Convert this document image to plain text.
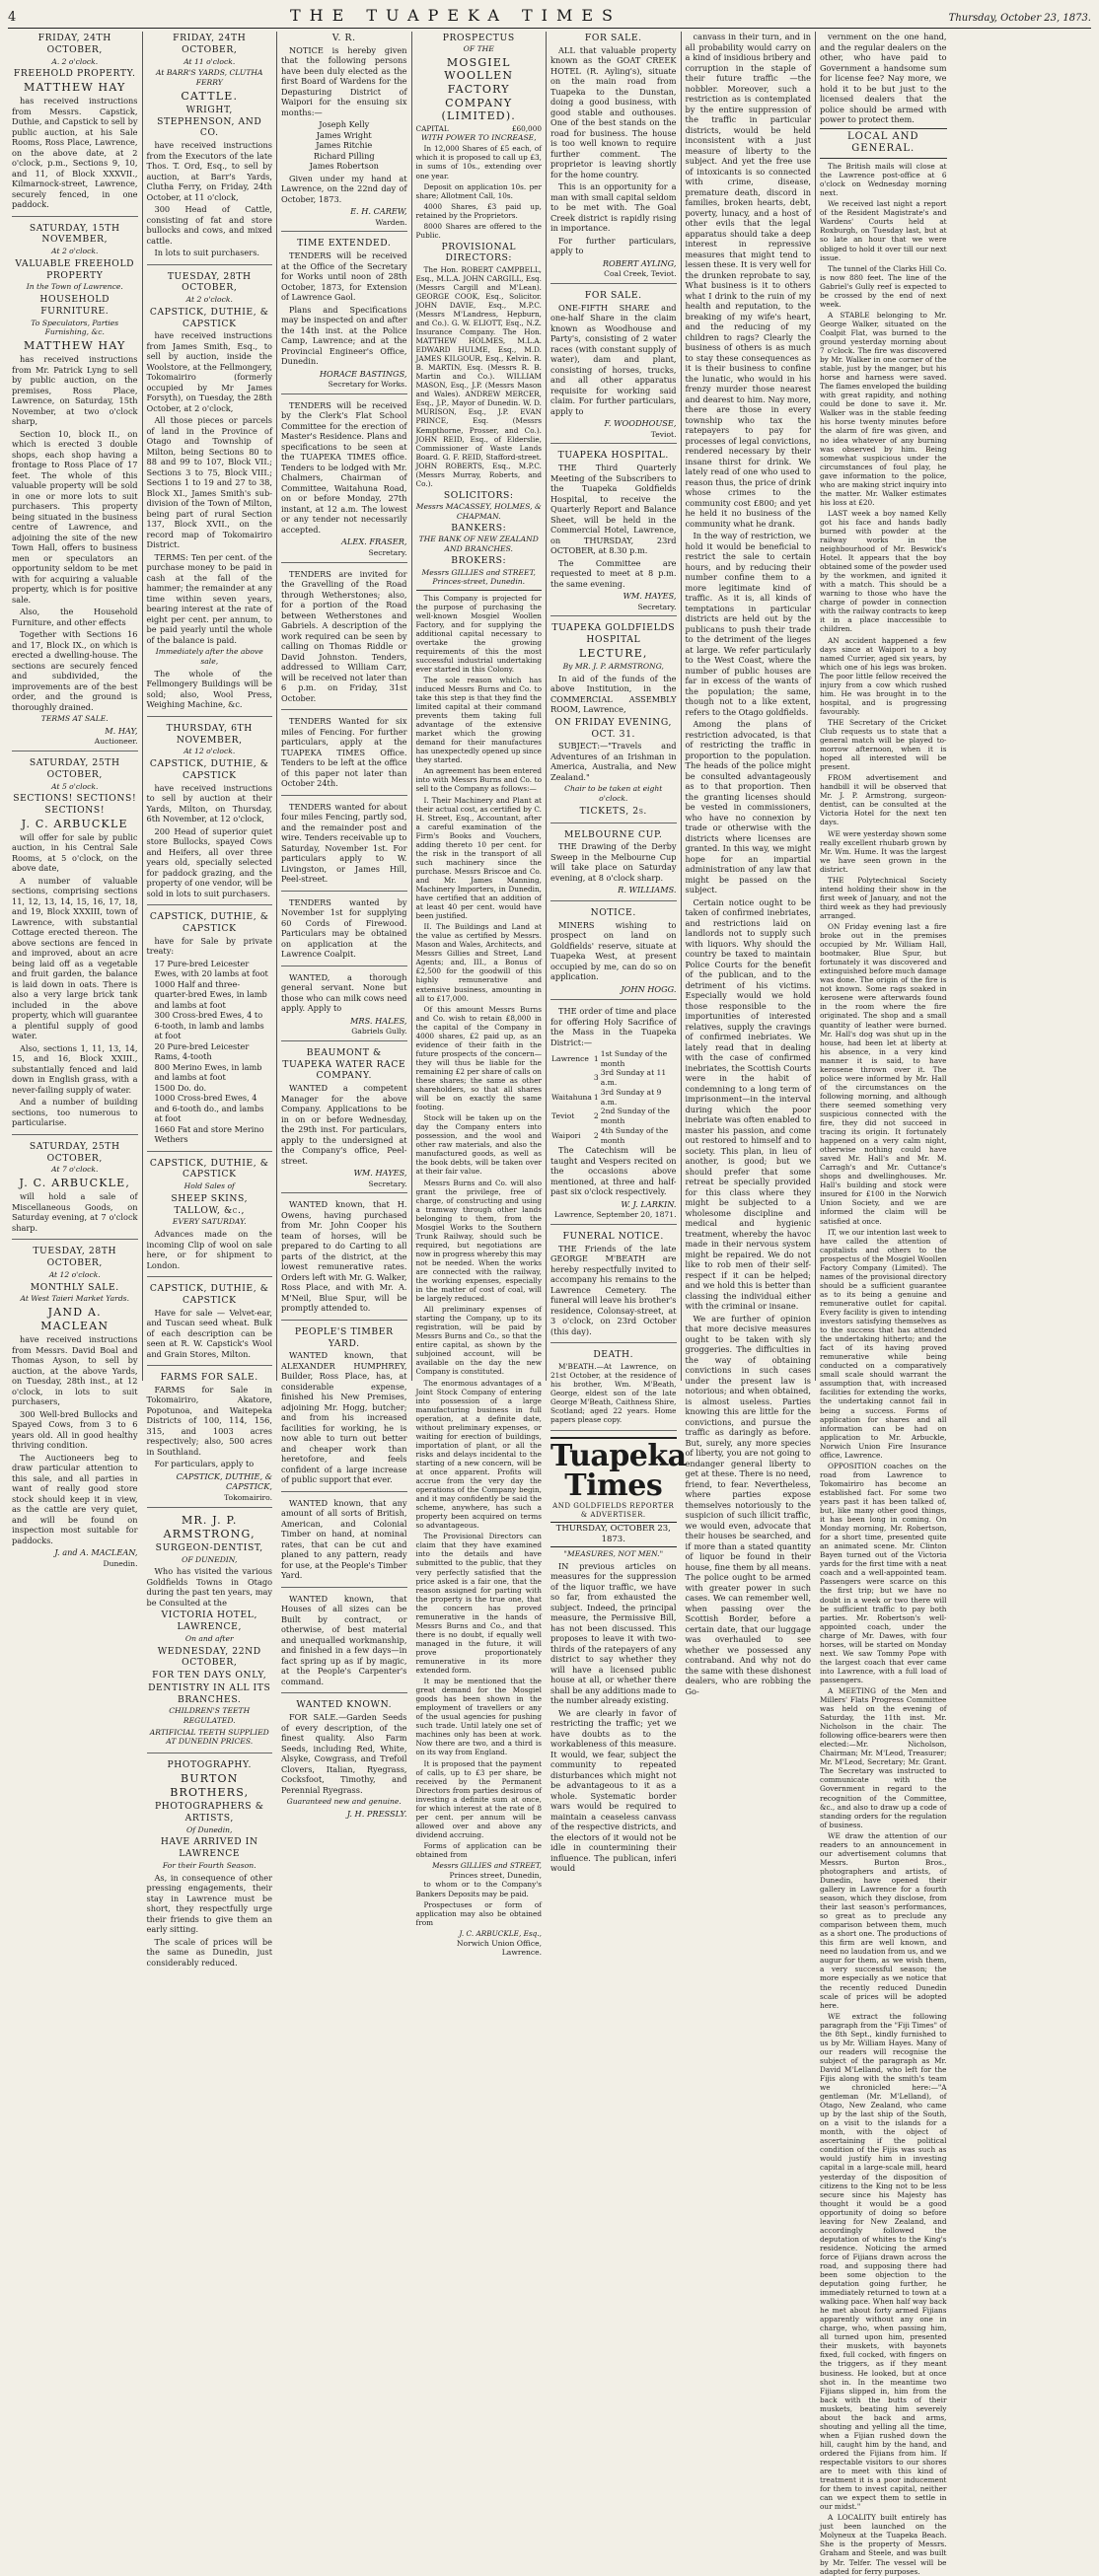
4	THE TUAPEKA TIMES	Thursday, October 23, 1873.
FRIDAY, 24TH OCTOBER,
A. 2 o'clock.
FREEHOLD PROPERTY.
MATTHEW HAY

has received instructions from Messrs. Capstick, Duthie, and Capstick to sell by public auction, at his Sale Rooms, Ross Place, Lawrence, on the above date, at 2 o'clock, p.m., Sections 9, 10, and 11, of Block XXXVII., Kilmarnock-street, Lawrence, securely fenced, in one paddock.

SATURDAY, 15TH NOVEMBER,
At 2 o'clock.
VALUABLE FREEHOLD PROPERTY
In the Town of Lawrence.
HOUSEHOLD FURNITURE.
To Speculators, Parties Furnishing, &c.
MATTHEW HAY

has received instructions from Mr. Patrick Lyng to sell by public auction, on the premises, Ross Place, Lawrence, on Saturday, 15th November, at two o'clock sharp,

Section 10, block II., on which is erected 3 double shops, each shop having a frontage to Ross Place of 17 feet. The whole of this valuable property will be sold in one or more lots to suit purchasers. This property being situated in the business centre of Lawrence, and adjoining the site of the new Town Hall, offers to business men or speculators an opportunity seldom to be met with for acquiring a valuable property, which is for positive sale.

Also, the Household Furniture, and other effects

Together with Sections 16 and 17, Block IX., on which is erected a dwelling-house. The sections are securely fenced and subdivided, the improvements are of the best order, and the ground is thoroughly drained.

TERMS AT SALE.
M. HAY,
Auctioneer.
SATURDAY, 25TH OCTOBER,
At 5 o'clock.
SECTIONS! SECTIONS! SECTIONS!
J. C. ARBUCKLE

will offer for sale by public auction, in his Central Sale Rooms, at 5 o'clock, on the above date,

A number of valuable sections, comprising sections 11, 12, 13, 14, 15, 16, 17, 18, and 19, Block XXXIII, town of Lawrence, with substantial Cottage erected thereon. The above sections are fenced in and improved, about an acre being laid off as a vegetable and fruit garden, the balance is laid down in oats. There is also a very large brick tank included in the above property, which will guarantee a plentiful supply of good water.

Also, sections 1, 11, 13, 14, 15, and 16, Block XXIII., substantially fenced and laid down in English grass, with a never-failing supply of water.

And a number of building sections, too numerous to particularise.

SATURDAY, 25TH OCTOBER,
At 7 o'clock.
J. C. ARBUCKLE,

will hold a sale of Miscellaneous Goods, on Saturday evening, at 7 o'clock sharp.

TUESDAY, 28TH OCTOBER,
At 12 o'clock.
MONTHLY SALE.
At West Taieri Market Yards.
JAND A. MACLEAN

have received instructions from Messrs. David Boal and Thomas Ayson, to sell by auction, at the above Yards, on Tuesday, 28th inst., at 12 o'clock, in lots to suit purchasers,

300 Well-bred Bullocks and Spayed Cows, from 3 to 6 years old. All in good healthy thriving condition.

The Auctioneers beg to draw particular attention to this sale, and all parties in want of really good store stock should keep it in view, as the cattle are very quiet, and will be found on inspection most suitable for paddocks.

J. and A. MACLEAN,
Dunedin.
FRIDAY, 24TH OCTOBER,
At 11 o'clock.
At BARR'S YARDS, CLUTHA FERRY
CATTLE.
WRIGHT, STEPHENSON, AND CO.

have received instructions from the Executors of the late Thos. T. Ord, Esq., to sell by auction, at Barr's Yards, Clutha Ferry, on Friday, 24th October, at 11 o'clock,

300 Head of Cattle, consisting of fat and store bullocks and cows, and mixed cattle.

In lots to suit purchasers.

TUESDAY, 28TH OCTOBER,
At 2 o'clock.
CAPSTICK, DUTHIE, & CAPSTICK

have received instructions from James Smith, Esq., to sell by auction, inside the Woolstore, at the Fellmongery, Tokomairiro (formerly occupied by Mr James Forsyth), on Tuesday, the 28th October, at 2 o'clock,

All those pieces or parcels of land in the Province of Otago and Township of Milton, being Sections 80 to 88 and 99 to 107, Block VII.; Sections 3 to 75, Block VIII.; Sections 1 to 19 and 27 to 38, Block XI., James Smith's sub-division of the Town of Milton, being part of rural Section 137, Block XVII., on the record map of Tokomairiro District.

TERMS: Ten per cent. of the purchase money to be paid in cash at the fall of the hammer; the remainder at any time within seven years, bearing interest at the rate of eight per cent. per annum, to be paid yearly until the whole of the balance is paid.

Immediately after the above sale,

The whole of the Fellmongery Buildings will be sold; also, Wool Press, Weighing Machine, &c.

THURSDAY, 6TH NOVEMBER,
At 12 o'clock.
CAPSTICK, DUTHIE, & CAPSTICK

have received instructions to sell by auction at their Yards, Milton, on Thursday, 6th November, at 12 o'clock,

200 Head of superior quiet store Bullocks, spayed Cows and Heifers, all over three years old, specially selected for paddock grazing, and the property of one vendor, will be sold in lots to suit purchasers.

CAPSTICK, DUTHIE, & CAPSTICK

have for Sale by private treaty:

17 Pure-bred Leicester Ewes, with 20 lambs at foot
1000 Half and three-quarter-bred Ewes, in lamb and lambs at foot
300 Cross-bred Ewes, 4 to 6-tooth, in lamb and lambs at foot
20 Pure-bred Leicester Rams, 4-tooth
800 Merino Ewes, in lamb and lambs at foot
1500 Do. do.
1000 Cross-bred Ewes, 4 and 6-tooth do., and lambs at foot
1660 Fat and store Merino Wethers
CAPSTICK, DUTHIE, & CAPSTICK
Hold Sales of
SHEEP SKINS, TALLOW, &c.,
EVERY SATURDAY.

Advances made on the incoming Clip of wool on sale here, or for shipment to London.

CAPSTICK, DUTHIE, & CAPSTICK

Have for sale — Velvet-ear, and Tuscan seed wheat. Bulk of each description can be seen at R. W. Capstick's Wool and Grain Stores, Milton.

FARMS FOR SALE.

FARMS for Sale in Tokomairiro, Akatore, Popotunoa, and Waitepeka Districts of 100, 114, 156, 315, and 1003 acres respectively; also, 500 acres in Southland.

For particulars, apply to

CAPSTICK, DUTHIE, & CAPSTICK,
Tokomairiro.
MR. J. P. ARMSTRONG,
SURGEON-DENTIST,
OF DUNEDIN,

Who has visited the various Goldfields Towns in Otago during the past ten years, may be Consulted at the

VICTORIA HOTEL, LAWRENCE,
On and after
WEDNESDAY, 22ND OCTOBER,
FOR TEN DAYS ONLY,
DENTISTRY IN ALL ITS BRANCHES.
CHILDREN'S TEETH REGULATED.
ARTIFICIAL TEETH SUPPLIED AT DUNEDIN PRICES.
PHOTOGRAPHY.
BURTON BROTHERS,
PHOTOGRAPHERS & ARTISTS,
Of Dunedin,
HAVE ARRIVED IN LAWRENCE
For their Fourth Season.

As, in consequence of other pressing engagements, their stay in Lawrence must be short, they respectfully urge their friends to give them an early sitting.

The scale of prices will be the same as Dunedin, just considerably reduced.

V. R.

NOTICE is hereby given that the following persons have been duly elected as the first Board of Wardens for the Depasturing District of Waipori for the ensuing six months:—

Joseph Kelly
James Wright
James Ritchie
Richard Pilling
James Robertson

Given under my hand at Lawrence, on the 22nd day of October, 1873.

E. H. CAREW,
Warden.
TIME EXTENDED.

TENDERS will be received at the Office of the Secretary for Works until noon of 28th October, 1873, for Extension of Lawrence Gaol.

Plans and Specifications may be inspected on and after the 14th inst. at the Police Camp, Lawrence; and at the Provincial Engineer's Office, Dunedin.

HORACE BASTINGS,
Secretary for Works.

TENDERS will be received by the Clerk's Flat School Committee for the erection of Master's Residence. Plans and specifications to be seen at the TUAPEKA TIMES office. Tenders to be lodged with Mr. Chalmers, Chairman of Committee, Waitahuna Road, on or before Monday, 27th instant, at 12 a.m. The lowest or any tender not necessarily accepted.

ALEX. FRASER,
Secretary.

TENDERS are invited for the Gravelling of the Road through Wetherstones; also, for a portion of the Road between Wetherstones and Gabriels. A description of the work required can be seen by calling on Thomas Riddle or David Johnston. Tenders, addressed to William Carr, will be received not later than 6 p.m. on Friday, 31st October.

TENDERS Wanted for six miles of Fencing. For further particulars, apply at the TUAPEKA TIMES Office. Tenders to be left at the office of this paper not later than October 24th.

TENDERS wanted for about four miles Fencing, partly sod, and the remainder post and wire. Tenders receivable up to Saturday, November 1st. For particulars apply to W. Livingston, or James Hill, Peel-street.

TENDERS wanted by November 1st for supplying 60 Cords of Firewood. Particulars may be obtained on application at the Lawrence Coalpit.

WANTED, a thorough general servant. None but those who can milk cows need apply. Apply to

MRS. HALES,
Gabriels Gully.
BEAUMONT & TUAPEKA WATER RACE COMPANY.

WANTED a competent Manager for the above Company. Applications to be in on or before Wednesday, the 29th inst. For particulars, apply to the undersigned at the Company's office, Peel-street.

WM. HAYES,
Secretary.

WANTED known, that H. Owens, having purchased from Mr. John Cooper his team of horses, will be prepared to do Carting to all parts of the district, at the lowest remunerative rates. Orders left with Mr. G. Walker, Ross Place, and with Mr. A. M'Neil, Blue Spur, will be promptly attended to.

PEOPLE'S TIMBER YARD.

WANTED known, that ALEXANDER HUMPHREY, Builder, Ross Place, has, at considerable expense, finished his New Premises, adjoining Mr. Hogg, butcher; and from his increased facilities for working, he is now able to turn out better and cheaper work than heretofore, and feels confident of a large increase of public support that ever.

WANTED known, that any amount of all sorts of British, American, and Colonial Timber on hand, at nominal rates, that can be cut and planed to any pattern, ready for use, at the People's Timber Yard.

WANTED known, that Houses of all sizes can be Built by contract, or otherwise, of best material and unequalled workmanship, and finished in a few days—in fact spring up as if by magic, at the People's Carpenter's command.

WANTED KNOWN.

FOR SALE.—Garden Seeds of every description, of the finest quality. Also Farm Seeds, including Red, White, Alsyke, Cowgrass, and Trefoil Clovers, Italian, Ryegrass, Cocksfoot, Timothy, and Perennial Ryegrass.

Guaranteed new and genuine.
J. H. PRESSLY.
PROSPECTUS
OF THE
MOSGIEL WOOLLEN FACTORY COMPANY (LIMITED).
CAPITAL	£60,000
WITH POWER TO INCREASE,

In 12,000 Shares of £5 each, of which it is proposed to call up £3, in sums of 10s., extending over one year.

Deposit on application 10s. per share; Allotment Call, 10s.

4000 Shares, £3 paid up, retained by the Proprietors.

8000 Shares are offered to the Public.

PROVISIONAL DIRECTORS:

The Hon. ROBERT CAMPBELL, Esq., M.L.A. JOHN CARGILL, Esq. (Messrs Cargill and M'Lean). GEORGE COOK, Esq., Solicitor. JOHN DAVIE, Esq., M.P.C. (Messrs M'Landress, Hepburn, and Co.). G. W. ELIOTT, Esq., N.Z. Insurance Company. The Hon. MATTHEW HOLMES, M.L.A. EDWARD HULME, Esq., M.D. JAMES KILGOUR, Esq., Kelvin. R. B. MARTIN, Esq. (Messrs R. B. Martin and Co.). WILLIAM MASON, Esq., J.P. (Messrs Mason and Wales). ANDREW MERCER, Esq., J.P., Mayor of Dunedin. W. D. MURISON, Esq., J.P. EVAN PRINCE, Esq. (Messrs Kempthorne, Prosser, and Co.). JOHN REID, Esq., of Elderslie, Commissioner of Waste Lands Board. G. F. REID, Stafford-street. JOHN ROBERTS, Esq., M.P.C. (Messrs Murray, Roberts, and Co.).

SOLICITORS:
Messrs MACASSEY, HOLMES, & CHAPMAN.
BANKERS:
THE BANK OF NEW ZEALAND AND BRANCHES.
BROKERS:
Messrs GILLIES and STREET, Princes-street, Dunedin.

This Company is projected for the purpose of purchasing the well-known Mosgiel Woollen Factory, and for supplying the additional capital necessary to overtake the growing requirements of this the most successful industrial undertaking ever started in this Colony.

The sole reason which has induced Messrs Burns and Co. to take this step is that they find the limited capital at their command prevents them taking full advantage of the extensive market which the growing demand for their manufactures has unexpectedly opened up since they started.

An agreement has been entered into with Messrs Burns and Co. to sell to the Company as follows:—

I. Their Machinery and Plant at their actual cost, as certified by C. H. Street, Esq., Accountant, after a careful examination of the Firm's Books and Vouchers, adding thereto 10 per cent. for the risk in the transport of all such machinery since the purchase. Messrs Briscoe and Co. and Mr. James Manning, Machinery Importers, in Dunedin, have certified that an addition of at least 40 per cent. would have been justified.

II. The Buildings and Land at the value as certified by Messrs. Mason and Wales, Architects, and Messrs Gillies and Street, Land Agents; and, III., a Bonus of £2,500 for the goodwill of this highly remunerative and extensive business, amounting in all to £17,000.

Of this amount Messrs Burns and Co. wish to retain £8,000 in the capital of the Company in 4000 shares, £2 paid up, as an evidence of their faith in the future prospects of the concern—they will thus be liable for the remaining £2 per share of calls on these shares; the same as other shareholders, so that all shares will be on exactly the same footing.

Stock will be taken up on the day the Company enters into possession, and the wool and other raw materials, and also the manufactured goods, as well as the book debts, will be taken over at their fair value.

Messrs Burns and Co. will also grant the privilege, free of charge, of constructing and using a tramway through other lands belonging to them, from the Mosgiel Works to the Southern Trunk Railway, should such be required, but negotiations are now in progress whereby this may not be needed. When the works are connected with the railway, the working expenses, especially in the matter of cost of coal, will be largely reduced.

All preliminary expenses of starting the Company, up to its registration, will be paid by Messrs Burns and Co., so that the entire capital, as shown by the subjoined account, will be available on the day the new Company is constituted.

The enormous advantages of a Joint Stock Company of entering into possession of a large manufacturing business in full operation, at a definite date, without preliminary expenses, or waiting for erection of buildings, importation of plant, or all the risks and delays incidental to the starting of a new concern, will be at once apparent. Profits will accrue from the very day the operations of the Company begin, and it may confidently be said the scheme, anywhere, has such a property been acquired on terms so advantageous.

The Provisional Directors can claim that they have examined into the details and have submitted to the public, that they very perfectly satisfied that the price asked is a fair one, that the reason assigned for parting with the property is the true one, that the concern has proved remunerative in the hands of Messrs Burns and Co., and that there is no doubt, if equally well managed in the future, it will prove proportionately remunerative in its more extended form.

It may be mentioned that the great demand for the Mosgiel goods has been shown in the employment of travellers or any of the usual agencies for pushing such trade. Until lately one set of machines only has been at work. Now there are two, and a third is on its way from England.

It is proposed that the payment of calls, up to £3 per share, be received by the Permanent Directors from parties desirous of investing a definite sum at once, for which interest at the rate of 8 per cent. per annum will be allowed over and above any dividend accruing.

Forms of application can be obtained from

Messrs GILLIES and STREET,
Princes street, Dunedin,

to whom or to the Company's Bankers Deposits may be paid.

Prospectuses or form of application may also be obtained from

J. C. ARBUCKLE, Esq.,
Norwich Union Office, Lawrence.
FOR SALE.

ALL that valuable property known as the GOAT CREEK HOTEL (R. Ayling's), situate on the main road from Tuapeka to the Dunstan, doing a good business, with good stable and outhouses. One of the best stands on the road for business. The house is too well known to require further comment. The proprietor is leaving shortly for the home country.

This is an opportunity for a man with small capital seldom to be met with. The Goal Creek district is rapidly rising in importance.

For further particulars, apply to

ROBERT AYLING,
Coal Creek, Teviot.
FOR SALE.

ONE-FIFTH SHARE and one-half Share in the claim known as Woodhouse and Party's, consisting of 2 water races (with constant supply of water), dam and plant, consisting of horses, trucks, and all other apparatus requisite for working said claim. For further particulars, apply to

F. WOODHOUSE,
Teviot.
TUAPEKA HOSPITAL.

THE Third Quarterly Meeting of the Subscribers to the Tuapeka Goldfields Hospital, to receive the Quarterly Report and Balance Sheet, will be held in the Commercial Hotel, Lawrence, on THURSDAY, 23rd OCTOBER, at 8.30 p.m.

The Committee are requested to meet at 8 p.m. the same evening.

WM. HAYES,
Secretary.
TUAPEKA GOLDFIELDS HOSPITAL
LECTURE,
By MR. J. P. ARMSTRONG,

In aid of the funds of the above Institution, in the COMMERCIAL ASSEMBLY ROOM, Lawrence,

ON FRIDAY EVENING, OCT. 31.

SUBJECT:—"Travels and Adventures of an Irishman in America, Australia, and New Zealand."

Chair to be taken at eight o'clock.
TICKETS, 2s.
MELBOURNE CUP.

THE Drawing of the Derby Sweep in the Melbourne Cup will take place on Saturday evening, at 8 o'clock sharp.

R. WILLIAMS.
NOTICE.

MINERS wishing to prospect on land on Goldfields' reserve, situate at Tuapeka West, at present occupied by me, can do so on application.

JOHN HOGG.

THE order of time and place for offering Holy Sacrifice of the Mass in the Tuapeka District:—

Lawrence	1	1st Sunday of the month
	3	3rd Sunday at 11 a.m.
Waitahuna	1	3rd Sunday at 9 a.m.
Teviot	2	2nd Sunday of the month
Waipori	2	4th Sunday of the month

The Catechism will be taught and Vespers recited on the occasions above mentioned, at three and half-past six o'clock respectively.

W. J. LARKIN.
Lawrence, September 20, 1871.
FUNERAL NOTICE.

THE Friends of the late GEORGE M'BEATH are hereby respectfully invited to accompany his remains to the Lawrence Cemetery. The funeral will leave his brother's residence, Colonsay-street, at 3 o'clock, on 23rd October (this day).

DEATH.

M'BEATH.—At Lawrence, on 21st October, at the residence of his brother, Wm. M'Beath, George, eldest son of the late George M'Beath, Caithness Shire, Scotland; aged 22 years. Home papers please copy.

Tuapeka Times
AND GOLDFIELDS REPORTER & ADVERTISER.
THURSDAY, OCTOBER 23, 1873.
"MEASURES, NOT MEN."

IN previous articles on measures for the suppression of the liquor traffic, we have so far, from exhausted the subject. Indeed, the principal measure, the Permissive Bill, has not been discussed. This proposes to leave it with two-thirds of the ratepayers of any district to say whether they will have a licensed public house at all, or whether there shall be any additions made to the number already existing.

We are clearly in favor of restricting the traffic; yet we have doubts as to the workableness of this measure. It would, we fear, subject the community to repeated disturbances which might not be advantageous to it as a whole. Systematic border wars would be required to maintain a ceaseless canvass of the respective districts, and the electors of it would not be idle in countermining their influence. The publican, inferi would

canvass in their turn, and in all probability would carry on a kind of insidious bribery and corruption in the staple of their future traffic —the nobbler. Moreover, such a restriction as is contemplated by the entire suppression of the traffic in particular districts, would be held inconsistent with a just measure of liberty to the subject. And yet the free use of intoxicants is so connected with crime, disease, premature death, discord in families, broken hearts, debt, poverty, lunacy, and a host of other evils that the legal apparatus should take a deep interest in repressive measures that might tend to lessen these. It is very well for the drunken reprobate to say, What business is it to others what I drink to the ruin of my health and reputation, to the breaking of my wife's heart, and the reducing of my children to rags? Clearly the business of others is as much to stay these consequences as it is their business to confine the lunatic, who would in his frenzy murder those nearest and dearest to him. Nay more, there are those in every township who tax the ratepayers to pay for processes of legal convictions, rendered necessary by their insane thirst for drink. We lately read of one who used to reason thus, the price of drink whose crimes to the community cost £800; and yet he held it no business of the community what he drank.

In the way of restriction, we hold it would be beneficial to restrict the sale to certain hours, and by reducing their number confine them to a more legitimate kind of traffic. As it is, all kinds of temptations in particular districts are held out by the publicans to push their trade to the detriment of the lieges at large. We refer particularly to the West Coast, where the number of public houses are far in excess of the wants of the population; the same, though not to a like extent, refers to the Otago goldfields.

Among the plans of restriction advocated, is that of restricting the traffic in proportion to the population. The heads of the police might be consulted advantageously as to that proportion. Then the granting licenses should be vested in commissioners, who have no connexion by trade or otherwise with the districts where licenses are granted. In this way, we might hope for an impartial administration of any law that might be passed on the subject.

Certain notice ought to be taken of confirmed inebriates, and restrictions laid on landlords not to supply such with liquors. Why should the country be taxed to maintain Police Courts for the benefit of the publican, and to the detriment of his victims. Especially would we hold those responsible to the importunities of interested relatives, supply the cravings of confirmed inebriates. We lately read that in dealing with the case of confirmed inebriates, the Scottish Courts were in the habit of condemning to a long term of imprisonment—in the interval during which the poor inebriate was often enabled to master his passion, and come out restored to himself and to society. This plan, in lieu of another, is good; but we should prefer that some retreat be specially provided for this class where they might be subjected to a wholesome discipline and medical and hygienic treatment, whereby the havoc made in their nervous system might be repaired. We do not like to rob men of their self-respect if it can be helped; and we hold this is better than classing the individual either with the criminal or insane.

We are further of opinion that more decisive measures ought to be taken with sly groggeries. The difficulties in the way of obtaining convictions in such cases under the present law is notorious; and when obtained, is almost useless. Parties knowing this are little for the convictions, and pursue the traffic as daringly as before. But, surely, any more species of liberty, you are not going to endanger general liberty to get at these. There is no need, friend, to fear. Nevertheless, where parties expose themselves notoriously to the suspicion of such illicit traffic, we would even, advocate that their houses be searched, and if more than a stated quantity of liquor be found in their house, fine them by all means. The police ought to be armed with greater power in such cases. We can remember well, when passing over the Scottish Border, before a certain date, that our luggage was overhauled to see whether we possessed any contraband. And why not do the same with these dishonest dealers, who are robbing the Go-

vernment on the one hand, and the regular dealers on the other, who have paid to Government a handsome sum for license fee? Nay more, we hold it to be but just to the licensed dealers that the police should be armed with power to protect them.

LOCAL AND GENERAL.

The British mails will close at the Lawrence post-office at 6 o'clock on Wednesday morning next.

We received last night a report of the Resident Magistrate's and Wardens' Courts held at Roxburgh, on Tuesday last, but at so late an hour that we were obliged to hold it over till our next issue.

The tunnel of the Clarks Hill Co. is now 880 feet. The line of the Gabriel's Gully reef is expected to be crossed by the end of next week.

A STABLE belonging to Mr. George Walker, situated on the Coalpit Flat, was burned to the ground yesterday morning about 7 o'clock. The fire was discovered by Mr. Walker in one corner of the stable, just by the manger, but his horse and harness were saved. The flames enveloped the building with great rapidity, and nothing could be done to save it. Mr. Walker was in the stable feeding his horse twenty minutes before the alarm of fire was given, and no idea whatever of any burning was observed by him. Being somewhat suspicious under the circumstances of foul play, he gave information to the police, who are making strict inquiry into the matter. Mr. Walker estimates his loss at £20.

LAST week a boy named Kelly got his face and hands badly burned with powder at the railway works in the neighbourhood of Mr. Beswick's Hotel. It appears that the boy obtained some of the powder used by the workmen, and ignited it with a match. This should be a warning to those who have the charge of powder in connection with the railway contracts to keep it in a place inaccessible to children.

AN accident happened a few days since at Waipori to a boy named Currier, aged six years, by which one of his legs was broken. The poor little fellow received the injury from a cow which rushed him. He was brought in to the hospital, and is progressing favourably.

THE Secretary of the Cricket Club requests us to state that a general match will be played to-morrow afternoon, when it is hoped all interested will be present.

FROM advertisement and handbill it will be observed that Mr. J. P. Armstrong, surgeon-dentist, can be consulted at the Victoria Hotel for the next ten days.

WE were yesterday shown some really excellent rhubarb grown by Mr. Wm. Hume. It was the largest we have seen grown in the district.

THE Polytechnical Society intend holding their show in the first week of January, and not the third week as they had previously arranged.

ON Friday evening last a fire broke out in the premises occupied by Mr. William Hall, bootmaker, Blue Spur, but fortunately it was discovered and extinguished before much damage was done. The origin of the fire is not known. Some rags soaked in kerosene were afterwards found in the room where the fire originated. The shop and a small quantity of leather were burned. Mr. Hall's dog was shut up in the house, had been let at liberty at his absence, in a very kind manner it is said, to have kerosene thrown over it. The police were informed by Mr. Hall of the circumstances on the following morning, and although there seemed something very suspicious connected with the fire, they did not succeed in tracing its origin. It fortunately happened on a very calm night, otherwise nothing could have saved Mr. Hall's and Mr. M. Carragh's and Mr. Cuttance's shops and dwellinghouses. Mr. Hall's building and stock were insured for £100 in the Norwich Union Society, and we are informed the claim will be satisfied at once.

IT, we our intention last week to have called the attention of capitalists and others to the prospectus of the Mosgiel Woollen Factory Company (Limited). The names of the provisional directory should be a sufficient guarantee as to its being a genuine and remunerative outlet for capital. Every facility is given to intending investors satisfying themselves as to the success that has attended the undertaking hitherto; and the fact of its having proved remunerative while being conducted on a comparatively small scale should warrant the assumption that, with increased facilities for extending the works, the undertaking cannot fail in being a success. Forms of application for shares and all information can be had on application to Mr. Arbuckle, Norwich Union Fire Insurance office, Lawrence.

OPPOSITION coaches on the road from Lawrence to Tokomairiro has become an established fact. For some two years past it has been talked of, but, like many other good things, it has been long in coming. On Monday morning, Mr. Robertson, for a short time, presented quite an animated scene. Mr. Clinton Bayen turned out of the Victoria yards for the first time with a neat coach and a well-appointed team. Passengers were scarce on this the first trip; but we have no doubt in a week or two there will be sufficient traffic to pay both parties. Mr. Robertson's well-appointed coach, under the charge of Mr. Dawes, with four horses, will be started on Monday next. We saw Tommy Pope with the largest coach that ever came into Lawrence, with a full load of passengers.

A MEETING of the Men and Millers' Flats Progress Committee was held on the evening of Saturday, the 11th inst. Mr. Nicholson in the chair. The following office-bearers were then elected:—Mr. Nicholson, Chairman; Mr. M'Leod, Treasurer; Mr. M'Leod, Secretary; Mr. Grant. The Secretary was instructed to communicate with the Government in regard to the recognition of the Committee, &c., and also to draw up a code of standing orders for the regulation of business.

WE draw the attention of our readers to an announcement in our advertisement columns that Messrs. Burton Bros., photographers and artists, of Dunedin, have opened their gallery in Lawrence for a fourth season, which they disclose, from their last season's performances, so great as to preclude any comparison between them, much as a short one. The productions of this firm are well known, and need no laudation from us, and we augur for them, as we wish them, a very successful season; the more especially as we notice that the recently reduced Dunedin scale of prices will be adopted here.

WE extract the following paragraph from the "Fiji Times" of the 8th Sept., kindly furnished to us by Mr. William Hayes. Many of our readers will recognise the subject of the paragraph as Mr. David M'Lelland, who left for the Fijis along with the smith's team we chronicled here:—"A gentleman (Mr. M'Lelland), of Otago, New Zealand, who came up by the last ship of the South, on a visit to the islands for a month, with the object of ascertaining if the political condition of the Fijis was such as would justify him in investing capital in a large-scale mill, heard yesterday of the disposition of citizens to the King not to be less secure since his Majesty has thought it would be a good opportunity of doing so before leaving for New Zealand, and accordingly followed the deputation of whites to the King's residence. Noticing the armed force of Fijians drawn across the road, and supposing there had been some objection to the deputation going further, he immediately returned to town at a walking pace. When half way back he met about forty armed Fijians apparently without any one in charge, who, when passing him, all turned upon him, presented their muskets, with bayonets fixed, full cocked, with fingers on the triggers, as if they meant business. He looked, but at once shot in. In the meantime two Fijians slipped in, him from the back with the butts of their muskets, beating him severely about the back and arms, shouting and yelling all the time, when a Fijian rushed down the hill, caught him by the hand, and ordered the Fijians from him. If respectable visitors to our shores are to meet with this kind of treatment it is a poor inducement for them to invest capital, neither can we expect them to settle in our midst."

A LOCALITY built entirely has just been launched on the Molyneux at the Tuapeka Beach. She is the property of Messrs. Graham and Steele, and was built by Mr. Telfer. The vessel will be adapted for ferry purposes.
